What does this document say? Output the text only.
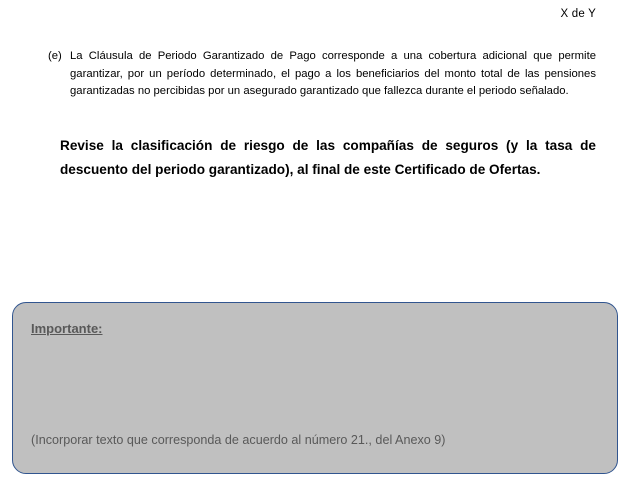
X de Y
(e) La Cláusula de Periodo Garantizado de Pago corresponde a una cobertura adicional que permite garantizar, por un período determinado, el pago a los beneficiarios del monto total de las pensiones garantizadas no percibidas por un asegurado garantizado que fallezca durante el periodo señalado.
Revise la clasificación de riesgo de las compañías de seguros (y la tasa de descuento del periodo garantizado), al final de este Certificado de Ofertas.
Importante:
(Incorporar texto que corresponda de acuerdo al número 21., del Anexo 9)
